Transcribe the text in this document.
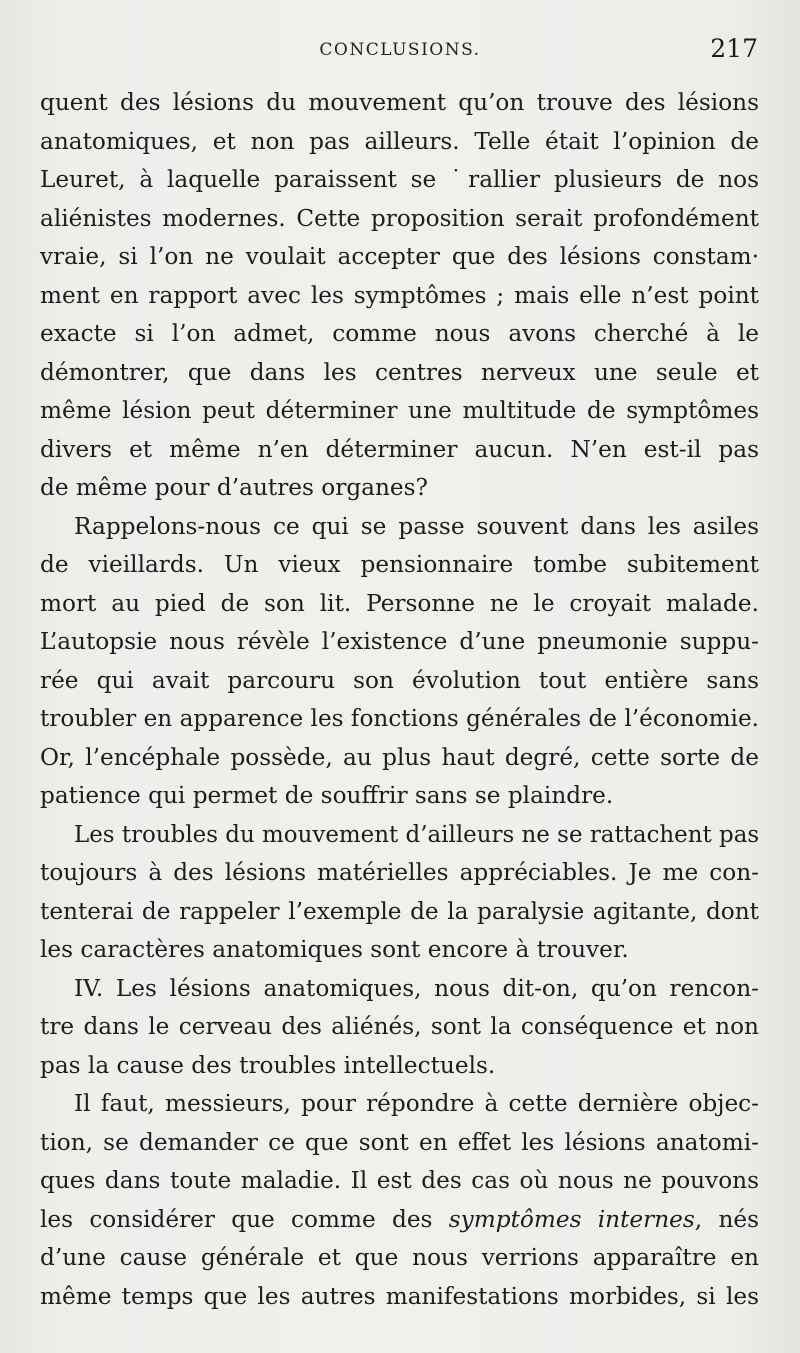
CONCLUSIONS.	217
quent des lésions du mouvement qu’on trouve des lésions
anatomiques, et non pas ailleurs. Telle était l’opinion de
Leuret, à laquelle paraissent se ˙rallier plusieurs de nos
aliénistes modernes. Cette proposition serait profondément
vraie, si l’on ne voulait accepter que des lésions constam·
ment en rapport avec les symptômes ; mais elle n’est point
exacte si l’on admet, comme nous avons cherché à le
démontrer, que dans les centres nerveux une seule et
même lésion peut déterminer une multitude de symptômes
divers et même n’en déterminer aucun. N’en est-il pas
de même pour d’autres organes?
Rappelons-nous ce qui se passe souvent dans les asiles
de vieillards. Un vieux pensionnaire tombe subitement
mort au pied de son lit. Personne ne le croyait malade.
L’autopsie nous révèle l’existence d’une pneumonie suppu-
rée qui avait parcouru son évolution tout entière sans
troubler en apparence les fonctions générales de l’économie.
Or, l’encéphale possède, au plus haut degré, cette sorte de
patience qui permet de souffrir sans se plaindre.
Les troubles du mouvement d’ailleurs ne se rattachent pas
toujours à des lésions matérielles appréciables. Je me con-
tenterai de rappeler l’exemple de la paralysie agitante, dont
les caractères anatomiques sont encore à trouver.
IV. Les lésions anatomiques, nous dit-on, qu’on rencon-
tre dans le cerveau des aliénés, sont la conséquence et non
pas la cause des troubles intellectuels.
Il faut, messieurs, pour répondre à cette dernière objec-
tion, se demander ce que sont en effet les lésions anatomi-
ques dans toute maladie. Il est des cas où nous ne pouvons
les considérer que comme des symptômes internes, nés
d’une cause générale et que nous verrions apparaître en
même temps que les autres manifestations morbides, si les
